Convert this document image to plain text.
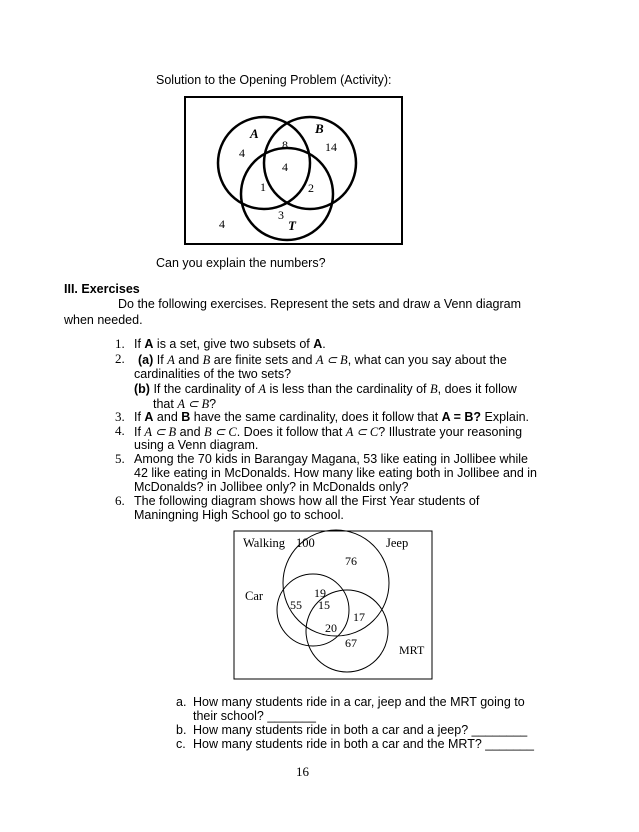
Solution to the Opening Problem (Activity):
A	B
T
4
8	14
4
1	2
3
4
Can you explain the numbers?
III. Exercises
Do the following exercises. Represent the sets and draw a Venn diagram
when needed.
1. If A is a set, give two subsets of A.
2. (a) If A and B are finite sets and A ⊂ B, what can you say about the
cardinalities of the two sets?
(b) If the cardinality of A is less than the cardinality of B, does it follow
that A ⊂ B?
3. If A and B have the same cardinality, does it follow that A = B? Explain.
4. If A ⊂ B and B ⊂ C. Does it follow that A ⊂ C? Illustrate your reasoning
using a Venn diagram.
5. Among the 70 kids in Barangay Magana, 53 like eating in Jollibee while
42 like eating in McDonalds. How many like eating both in Jollibee and in
McDonalds? in Jollibee only? in McDonalds only?
6. The following diagram shows how all the First Year students of
Maningning High School go to school.
Walking 100	Jeep
Car
MRT
76
55
19
15
17
20
67
a. How many students ride in a car, jeep and the MRT going to
their school? _______
b. How many students ride in both a car and a jeep? ________
c. How many students ride in both a car and the MRT? _______
16
